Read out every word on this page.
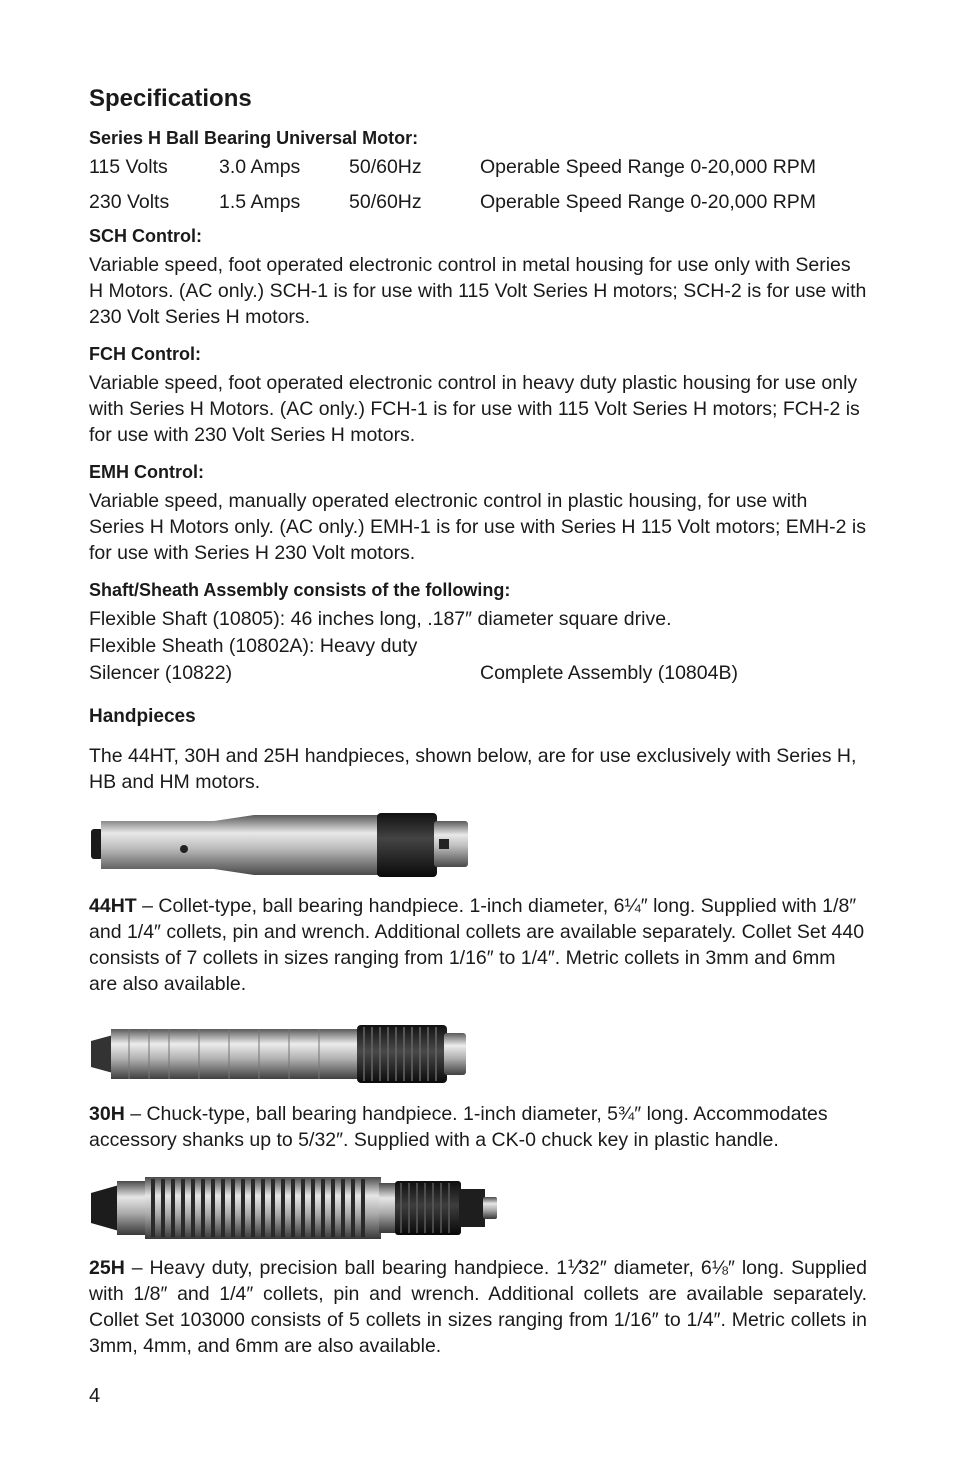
Specifications
Series H Ball Bearing Universal Motor:
115 Volts	3.0 Amps	50/60Hz	Operable Speed Range 0-20,000 RPM
230 Volts	1.5 Amps	50/60Hz	Operable Speed Range 0-20,000 RPM
SCH Control:

Variable speed, foot operated electronic control in metal housing for use only with Series H Motors. (AC only.) SCH-1 is for use with 115 Volt Series H motors; SCH-2 is for use with 230 Volt Series H motors.

FCH Control:

Variable speed, foot operated electronic control in heavy duty plastic housing for use only with Series H Motors. (AC only.) FCH-1 is for use with 115 Volt Series H motors; FCH-2 is for use with 230 Volt Series H motors.

EMH Control:

Variable speed, manually operated electronic control in plastic housing, for use with Series H Motors only. (AC only.) EMH-1 is for use with Series H 115 Volt motors; EMH-2 is for use with Series H 230 Volt motors.

Shaft/Sheath Assembly consists of the following:
Flexible Shaft (10805): 46 inches long, .187″ diameter square drive.
Flexible Sheath (10802A): Heavy duty
Silencer (10822)	Complete Assembly (10804B)
Handpieces

The 44HT, 30H and 25H handpieces, shown below, are for use exclusively with Series H, HB and HM motors.

44HT – Collet-type, ball bearing handpiece. 1-inch diameter, 6¼″ long. Supplied with 1/8″ and 1/4″ collets, pin and wrench. Additional collets are available separately. Collet Set 440 consists of 7 collets in sizes ranging from 1/16″ to 1/4″. Metric collets in 3mm and 6mm are also available.

30H – Chuck-type, ball bearing handpiece. 1-inch diameter, 5¾″ long. Accommodates accessory shanks up to 5/32″. Supplied with a CK-0 chuck key in plastic handle.

25H – Heavy duty, precision ball bearing handpiece. 1⅟32″ diameter, 6⅛″ long. Supplied with 1/8″ and 1/4″ collets, pin and wrench. Additional collets are available separately. Collet Set 103000 consists of 5 collets in sizes ranging from 1/16″ to 1/4″. Metric collets in 3mm, 4mm, and 6mm are also available.

4
